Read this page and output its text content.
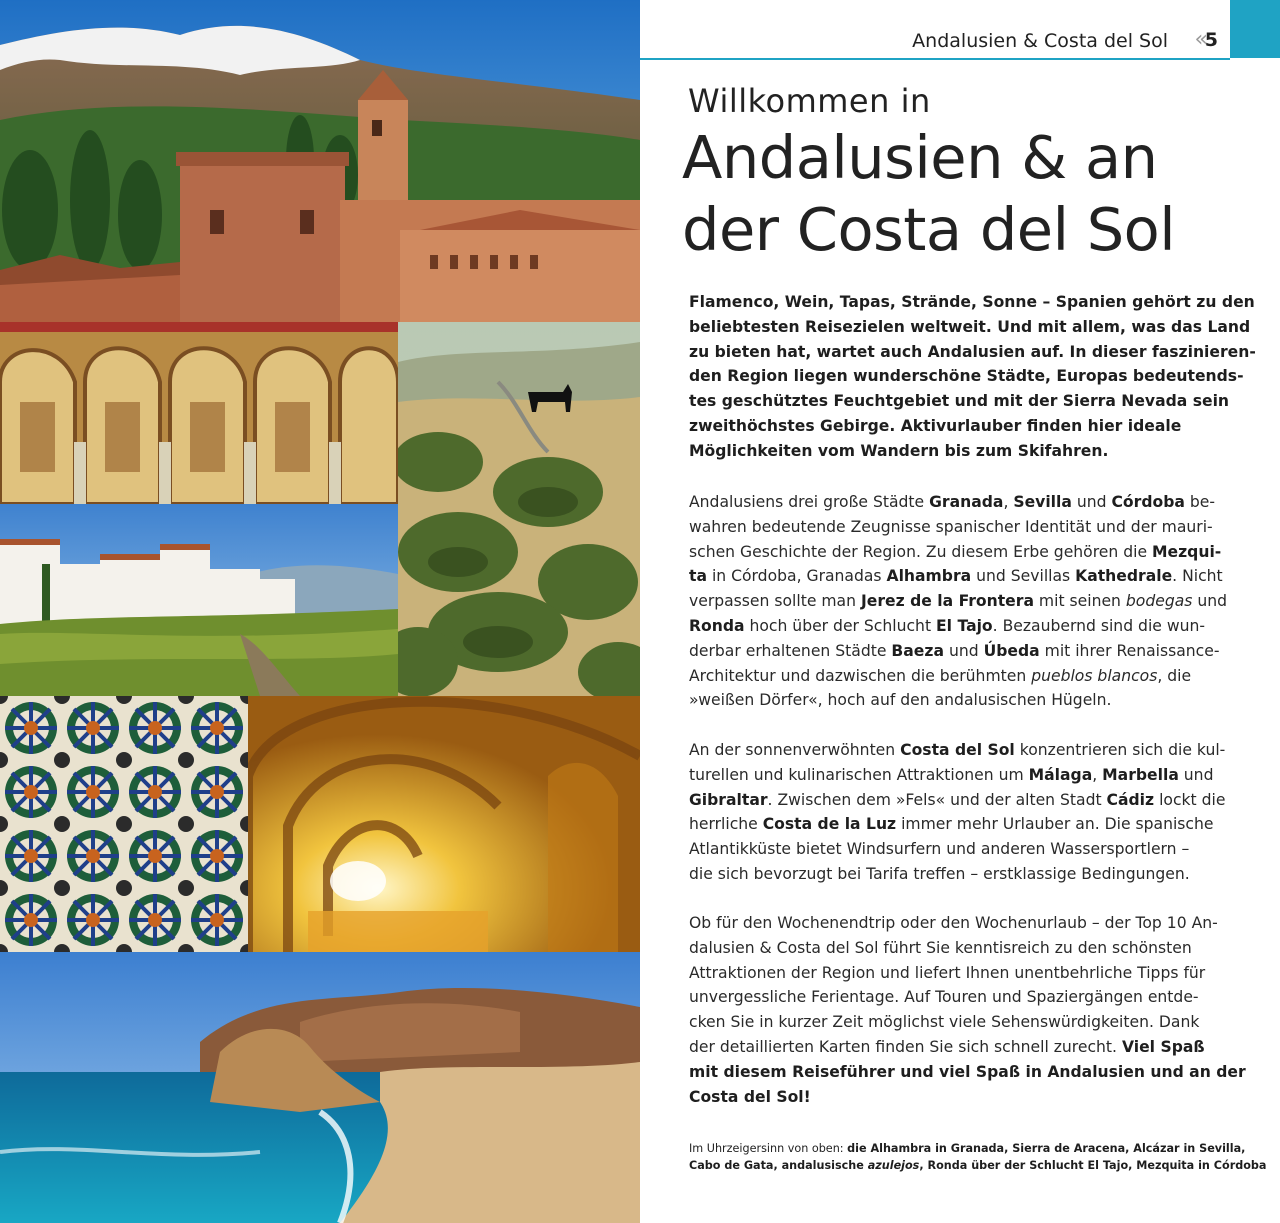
Andalusien & Costa del Sol «
5
Willkommen in
Andalusien & an
der Costa del Sol
Flamenco, Wein, Tapas, Strände, Sonne – Spanien gehört zu den
beliebtesten Reisezielen weltweit. Und mit allem, was das Land
zu bieten hat, wartet auch Andalusien auf. In dieser faszinieren-
den Region liegen wunderschöne Städte, Europas bedeutends-
tes geschütztes Feuchtgebiet und mit der Sierra Nevada sein
zweithöchstes Gebirge. Aktivurlauber finden hier ideale
Möglichkeiten vom Wandern bis zum Skifahren.
Andalusiens drei große Städte Granada, Sevilla und Córdoba be-
wahren bedeutende Zeugnisse spanischer Identität und der mauri-
schen Geschichte der Region. Zu diesem Erbe gehören die Mezqui-
ta in Córdoba, Granadas Alhambra und Sevillas Kathedrale. Nicht
verpassen sollte man Jerez de la Frontera mit seinen bodegas und
Ronda hoch über der Schlucht El Tajo. Bezaubernd sind die wun-
derbar erhaltenen Städte Baeza und Úbeda mit ihrer Renaissance-
Architektur und dazwischen die berühmten pueblos blancos, die
»weißen Dörfer«, hoch auf den andalusischen Hügeln.
An der sonnenverwöhnten Costa del Sol konzentrieren sich die kul-
turellen und kulinarischen Attraktionen um Málaga, Marbella und
Gibraltar. Zwischen dem »Fels« und der alten Stadt Cádiz lockt die
herrliche Costa de la Luz immer mehr Urlauber an. Die spanische
Atlantikküste bietet Windsurfern und anderen Wassersportlern –
die sich bevorzugt bei Tarifa treffen – erstklassige Bedingungen.
Ob für den Wochenendtrip oder den Wochenurlaub – der Top 10 An-
dalusien & Costa del Sol führt Sie kenntisreich zu den schönsten
Attraktionen der Region und liefert Ihnen unentbehrliche Tipps für
unvergessliche Ferientage. Auf Touren und Spaziergängen entde-
cken Sie in kurzer Zeit möglichst viele Sehenswürdigkeiten. Dank
der detaillierten Karten finden Sie sich schnell zurecht. Viel Spaß
mit diesem Reiseführer und viel Spaß in Andalusien und an der
Costa del Sol!
Im Uhrzeigersinn von oben: die Alhambra in Granada, Sierra de Aracena, Alcázar in Sevilla,
Cabo de Gata, andalusische azulejos, Ronda über der Schlucht El Tajo, Mezquita in Córdoba
